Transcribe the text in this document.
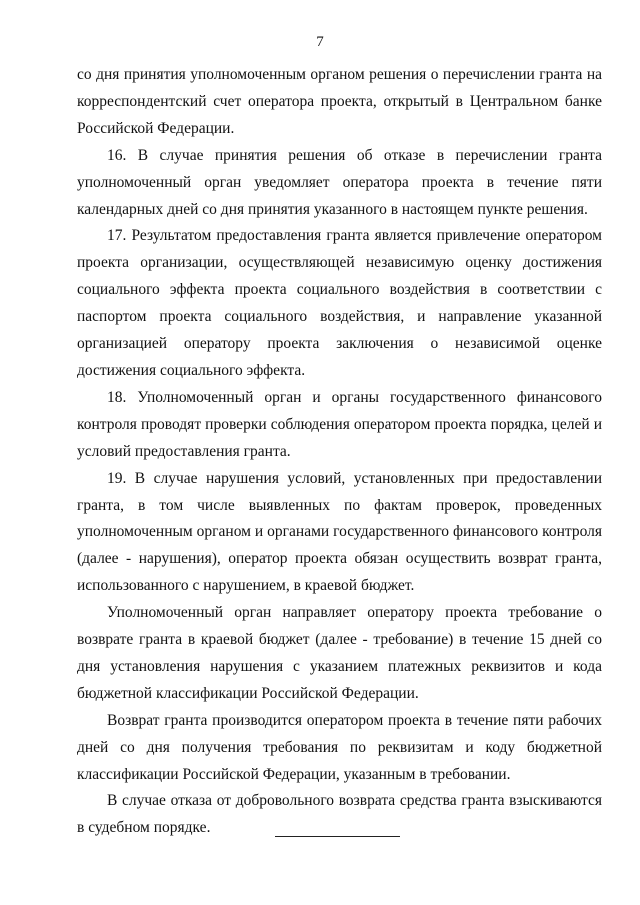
7

со дня принятия уполномоченным органом решения о перечислении гранта на корреспондентский счет оператора проекта, открытый в Центральном банке Российской Федерации.

16. В случае принятия решения об отказе в перечислении гранта уполномоченный орган уведомляет оператора проекта в течение пяти календарных дней со дня принятия указанного в настоящем пункте решения.

17. Результатом предоставления гранта является привлечение оператором проекта организации, осуществляющей независимую оценку достижения социального эффекта проекта социального воздействия в соответствии с паспортом проекта социального воздействия, и направление указанной организацией оператору проекта заключения о независимой оценке достижения социального эффекта.

18. Уполномоченный орган и органы государственного финансового контроля проводят проверки соблюдения оператором проекта порядка, целей и условий предоставления гранта.

19. В случае нарушения условий, установленных при предоставлении гранта, в том числе выявленных по фактам проверок, проведенных уполномоченным органом и органами государственного финансового контроля (далее - нарушения), оператор проекта обязан осуществить возврат гранта, использованного с нарушением, в краевой бюджет.

Уполномоченный орган направляет оператору проекта требование о возврате гранта в краевой бюджет (далее - требование) в течение 15 дней со дня установления нарушения с указанием платежных реквизитов и кода бюджетной классификации Российской Федерации.

Возврат гранта производится оператором проекта в течение пяти рабочих дней со дня получения требования по реквизитам и коду бюджетной классификации Российской Федерации, указанным в требовании.

В случае отказа от добровольного возврата средства гранта взыскиваются в судебном порядке.
